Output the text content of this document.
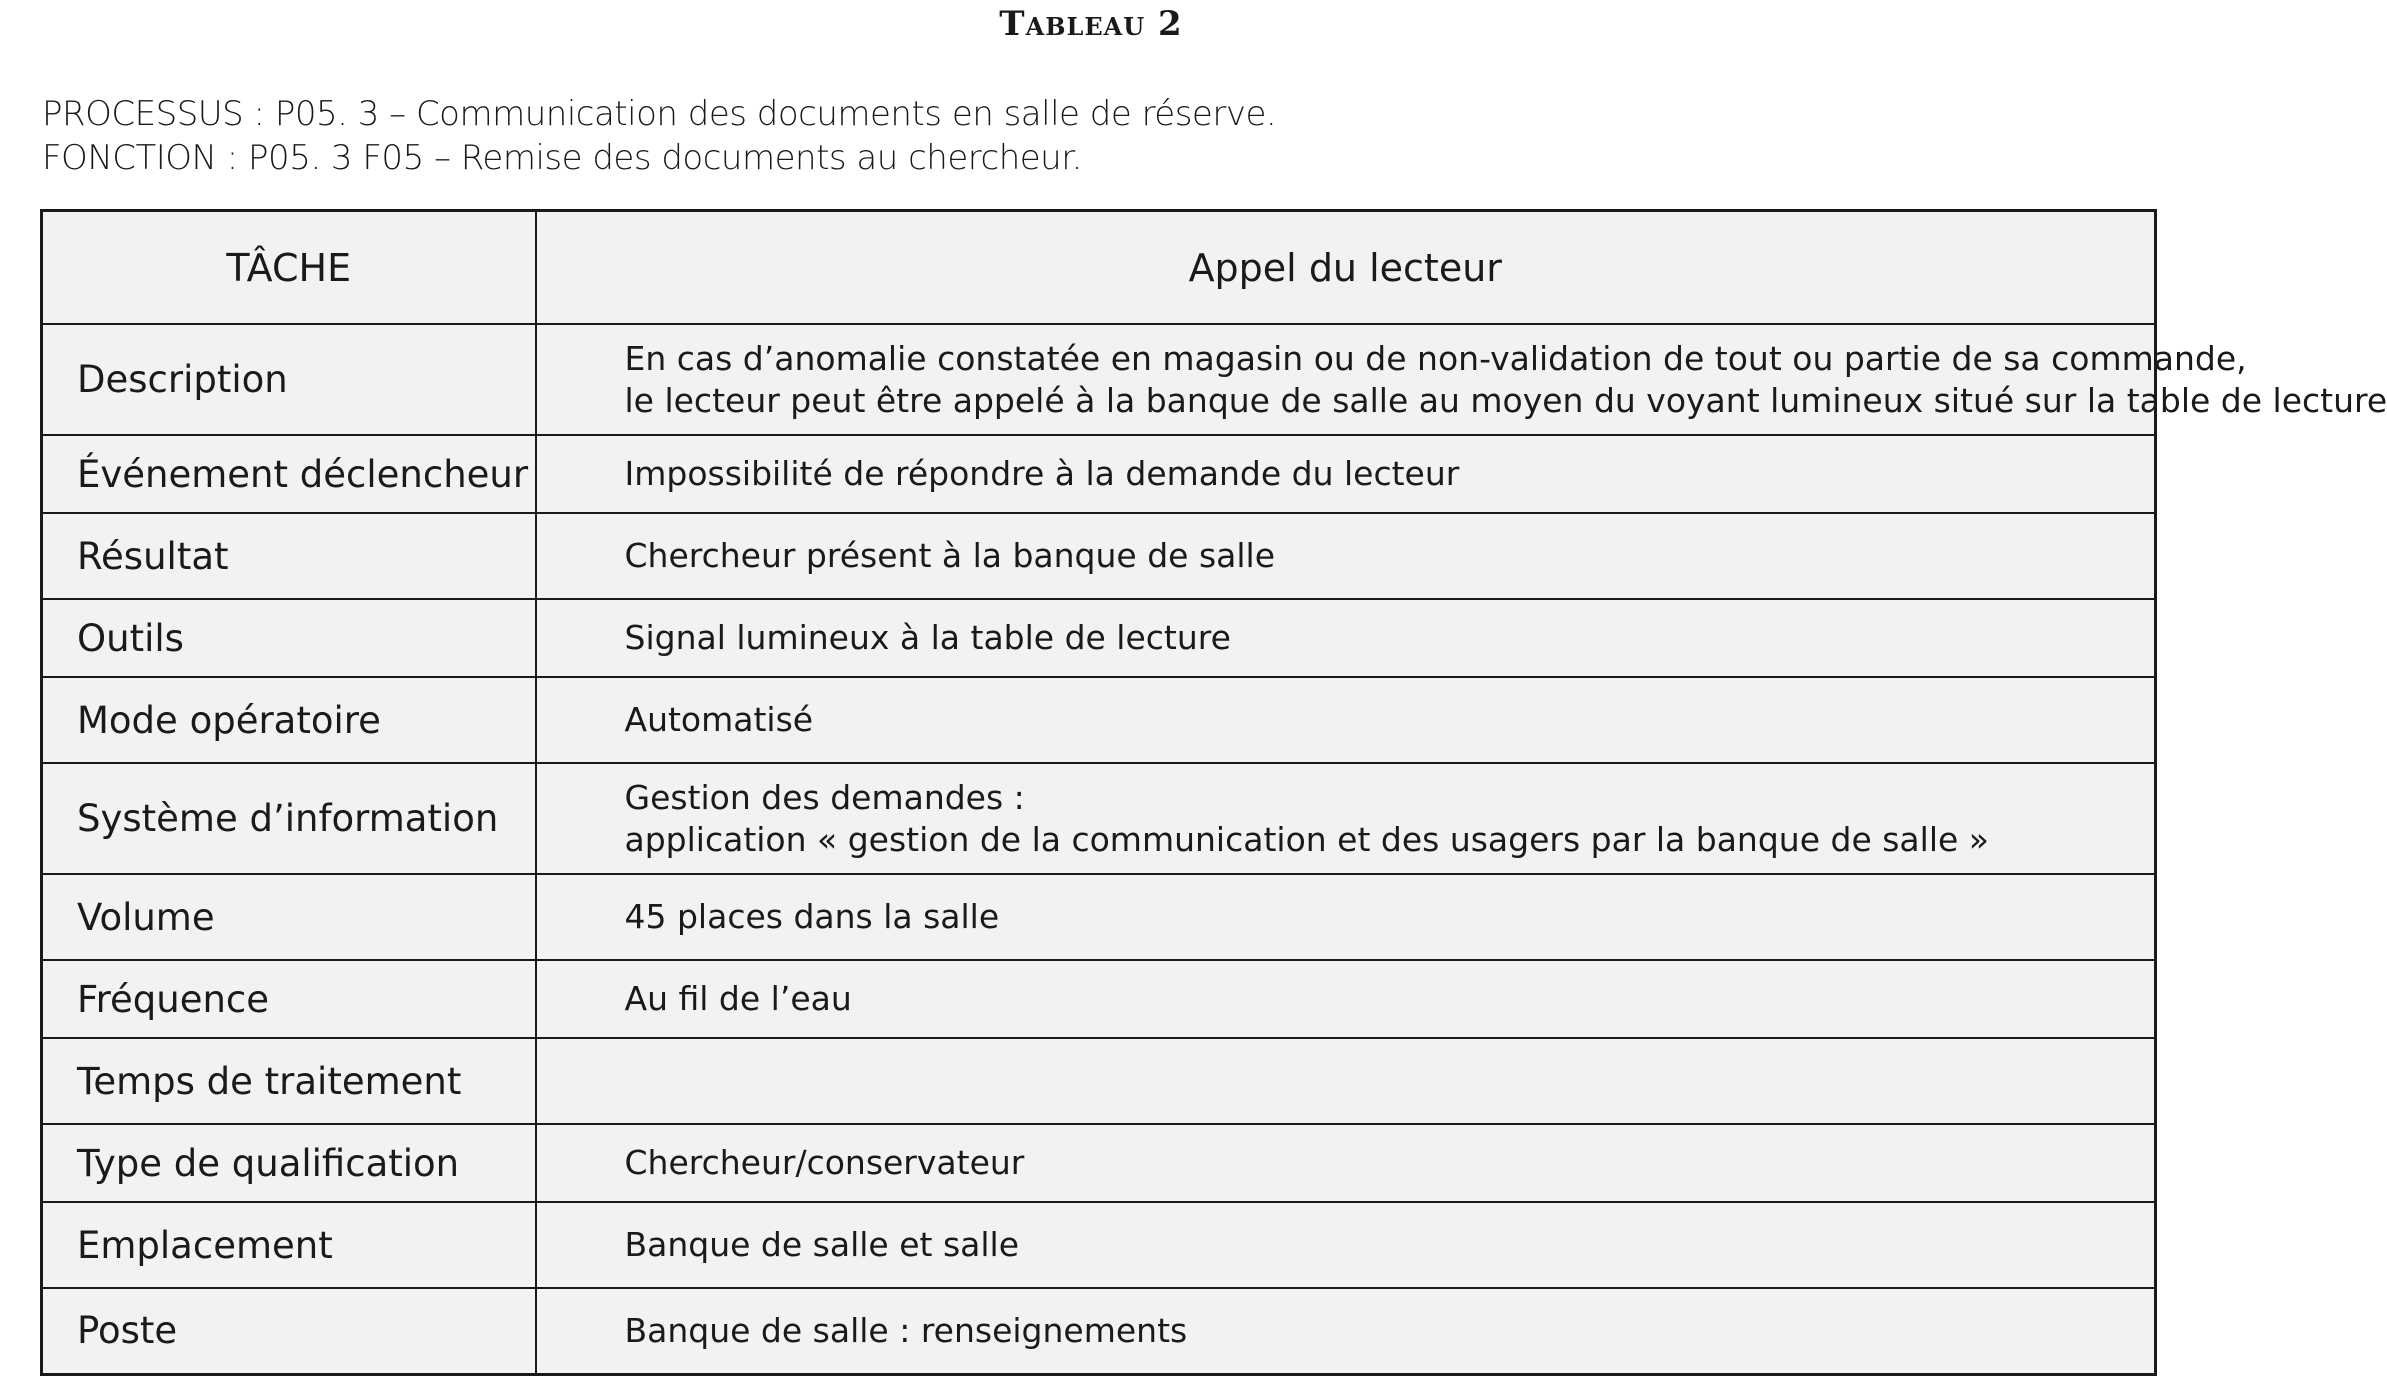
Tableau 2
PROCESSUS : P05. 3 – Communication des documents en salle de réserve.
FONCTION : P05. 3 F05 – Remise des documents au chercheur.
TÂCHE	Appel du lecteur
Description	En cas d’anomalie constatée en magasin ou de non-validation de tout ou partie de sa commande,
le lecteur peut être appelé à la banque de salle au moyen du voyant lumineux situé sur la table de lecture

Événement déclencheur	Impossibilité de répondre à la demande du lecteur

Résultat	Chercheur présent à la banque de salle

Outils	Signal lumineux à la table de lecture

Mode opératoire	Automatisé

Système d’information	Gestion des demandes :
application « gestion de la communication et des usagers par la banque de salle »

Volume	45 places dans la salle

Fréquence	Au fil de l’eau

Temps de traitement	

Type de qualification	Chercheur/conservateur

Emplacement	Banque de salle et salle

Poste	Banque de salle : renseignements
